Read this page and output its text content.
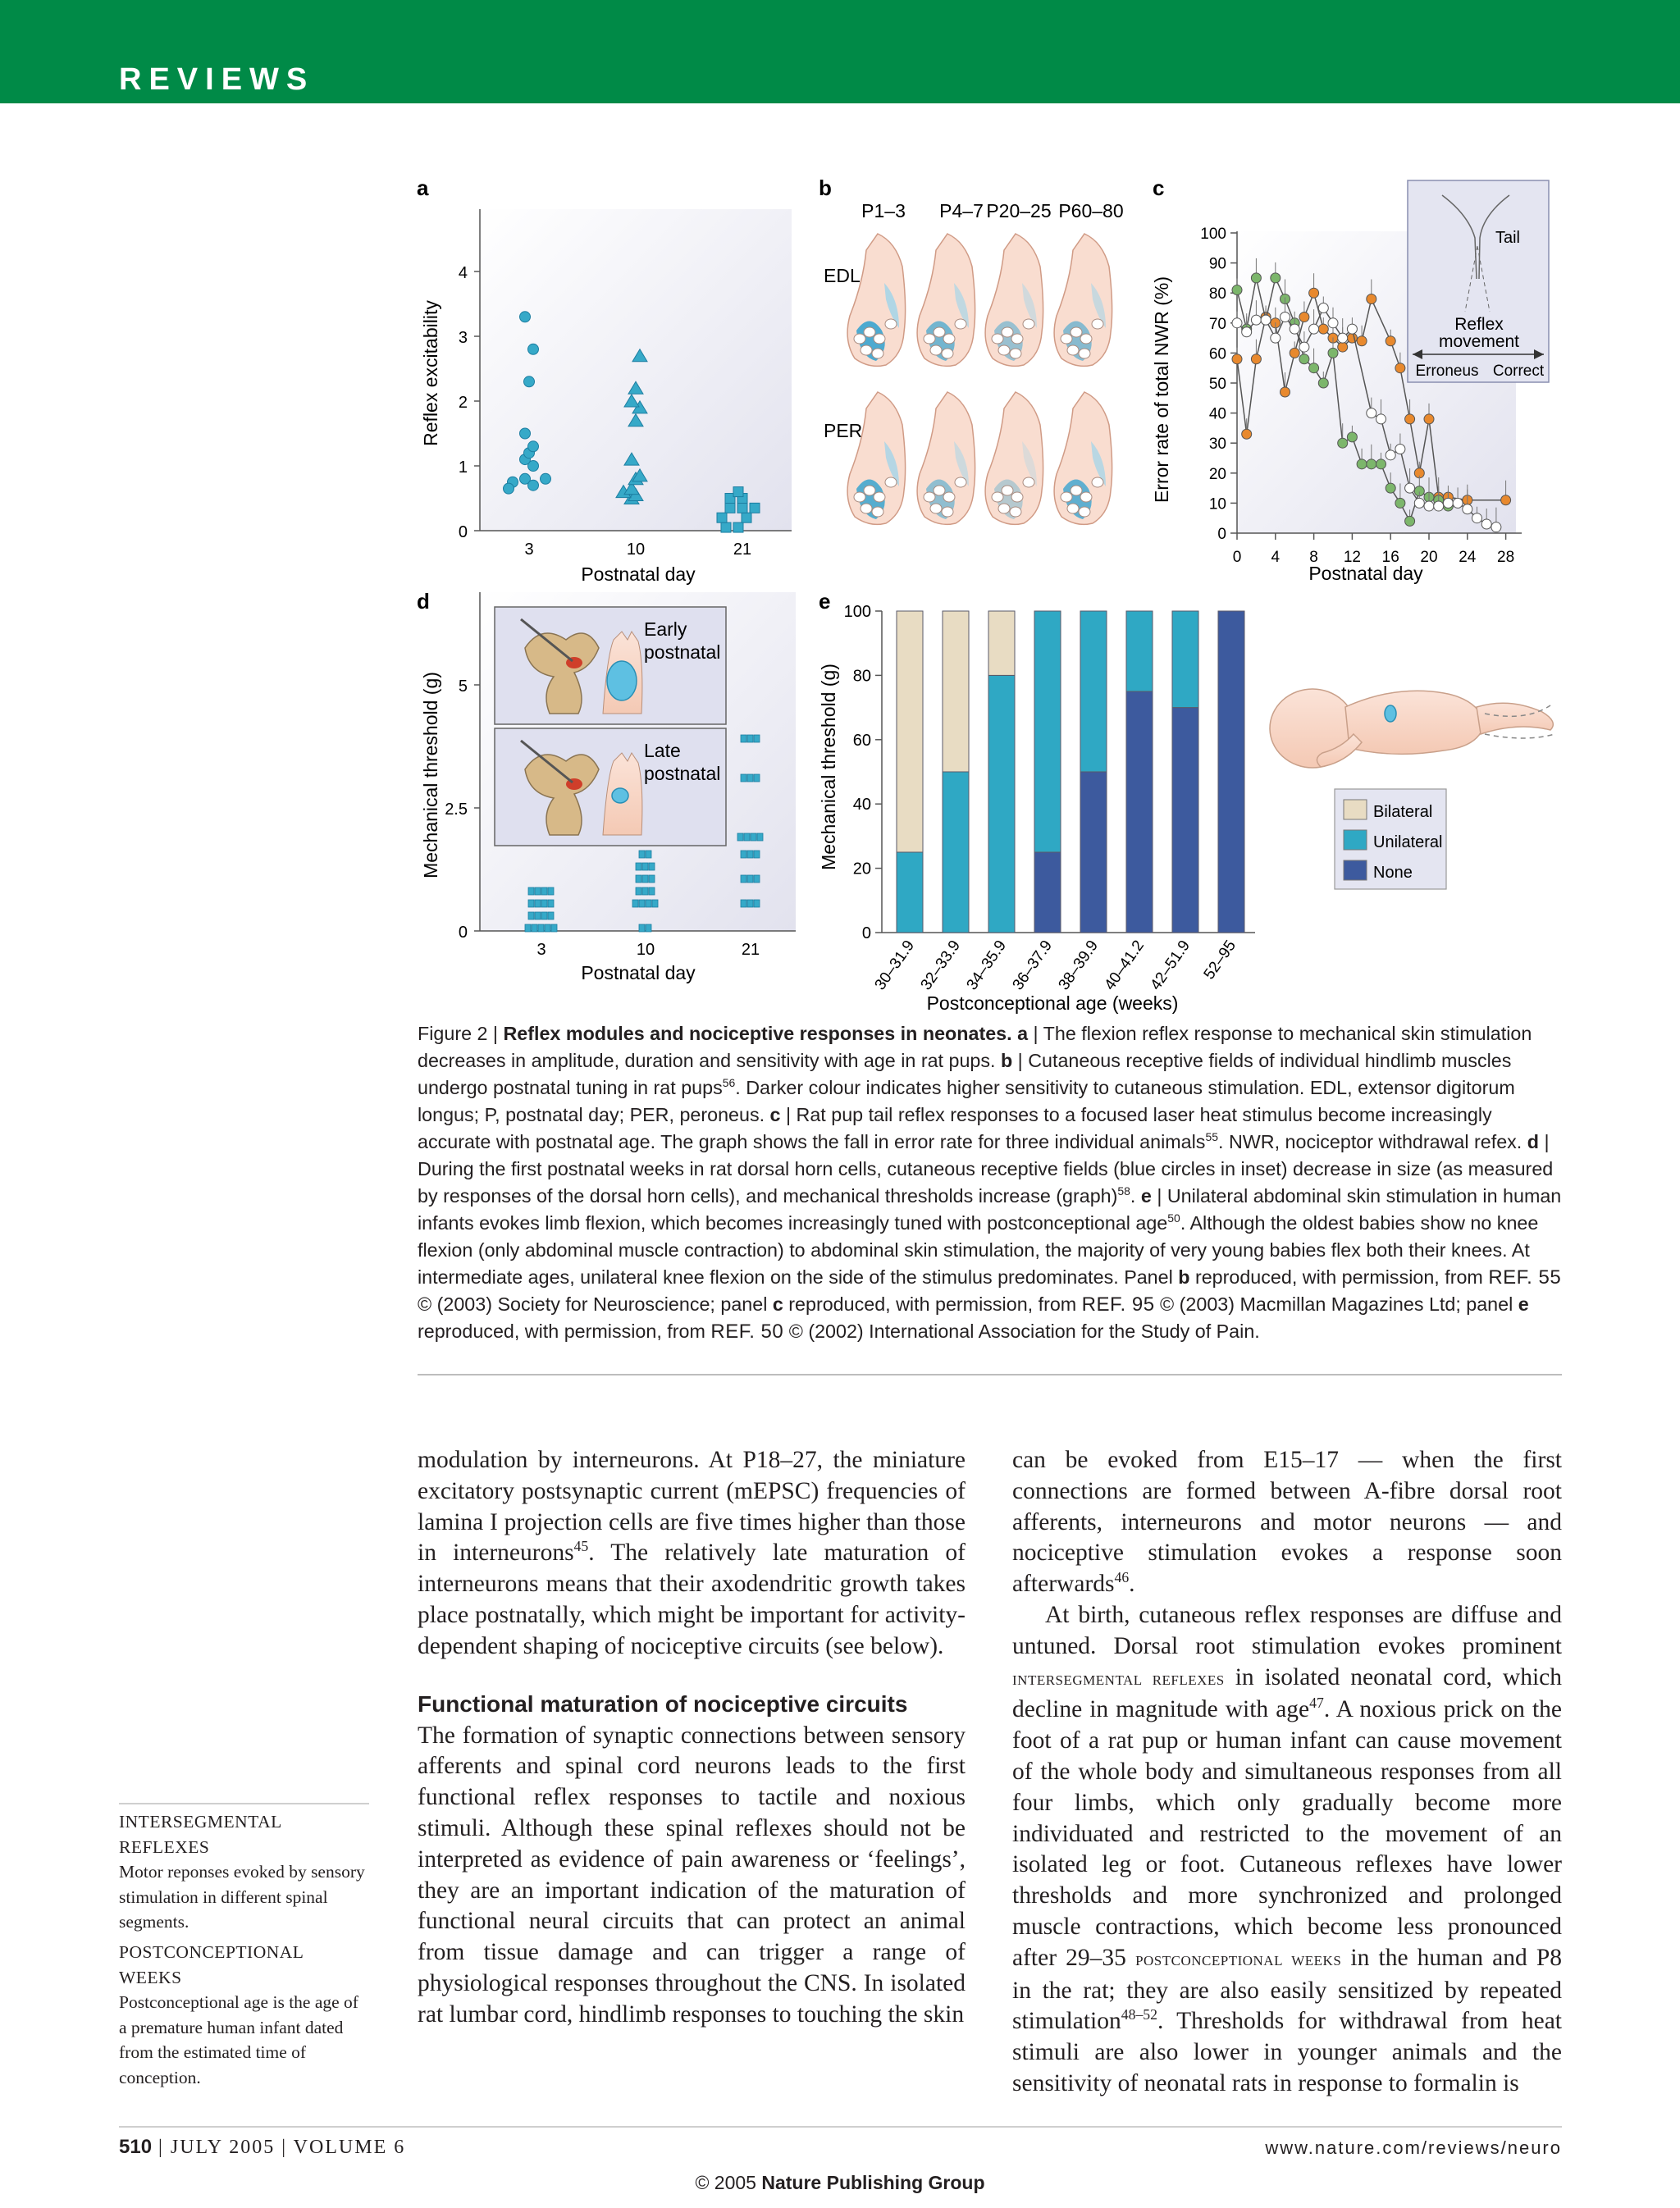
REVIEWS
a
0
1
2
3
4
3	10	21
Postnatal day
Reflex excitability
b
P1–3 P4–7 P20–25 P60–80
EDL
PER
c
0
10
20
30
40
50
60
70
80
90
100
0 4 8 12 16 20 24 28
Postnatal day
Error rate of total NWR (%)
Tail
Reflex
movement
Erroneus Correct
d
0
2.5
5
3	10	21
Postnatal day
Mechanical threshold (g)
Early
postnatal
Late
postnatal
e
0
20
40
60
80
100
30–31.9 32–33.9 34–35.9 36–37.9 38–39.9 40–41.2 42–51.9 52–95
Postconceptional age (weeks)
Mechanical threshold (g)	Bilateral
Unilateral
None
Figure 2 | Reflex modules and nociceptive responses in neonates. a | The flexion reflex response to mechanical skin stimulation decreases in amplitude, duration and sensitivity with age in rat pups. b | Cutaneous receptive fields of individual hindlimb muscles undergo postnatal tuning in rat pups$^{56}$. Darker colour indicates higher sensitivity to cutaneous stimulation. EDL, extensor digitorum longus; P, postnatal day; PER, peroneus. c | Rat pup tail reflex responses to a focused laser heat stimulus become increasingly accurate with postnatal age. The graph shows the fall in error rate for three individual animals$^{55}$. NWR, nociceptor withdrawal refex. d | During the first postnatal weeks in rat dorsal horn cells, cutaneous receptive fields (blue circles in inset) decrease in size (as measured by responses of the dorsal horn cells), and mechanical thresholds increase (graph)$^{58}$. e | Unilateral abdominal skin stimulation in human infants evokes limb flexion, which becomes increasingly tuned with postconceptional age$^{50}$. Although the oldest babies show no knee flexion (only abdominal muscle contraction) to abdominal skin stimulation, the majority of very young babies flex both their knees. At intermediate ages, unilateral knee flexion on the side of the stimulus predominates. Panel b reproduced, with permission, from REF. 55 © (2003) Society for Neuroscience; panel c reproduced, with permission, from REF. 95 © (2003) Macmillan Magazines Ltd; panel e reproduced, with permission, from REF. 50 © (2002) International Association for the Study of Pain.

modulation by interneurons. At P18–27, the miniature excitatory postsynaptic current (mEPSC) frequencies of lamina I projection cells are five times higher than those in interneurons$^{45}$. The relatively late maturation of interneurons means that their axodendritic growth takes place postnatally, which might be important for activity-dependent shaping of nociceptive circuits (see below).

Functional maturation of nociceptive circuits

The formation of synaptic connections between sensory afferents and spinal cord neurons leads to the first functional reflex responses to tactile and noxious stimuli. Although these spinal reflexes should not be interpreted as evidence of pain awareness or ‘feelings’, they are an important indication of the maturation of functional neural circuits that can protect an animal from tissue damage and can trigger a range of physiological responses throughout the CNS. In isolated rat lumbar cord, hindlimb responses to touching the skin

can be evoked from E15–17 — when the first connections are formed between A-fibre dorsal root afferents, interneurons and motor neurons — and nociceptive stimulation evokes a response soon afterwards$^{46}$.

At birth, cutaneous reflex responses are diffuse and untuned. Dorsal root stimulation evokes prominent intersegmental reflexes in isolated neonatal cord, which decline in magnitude with age$^{47}$. A noxious prick on the foot of a rat pup or human infant can cause movement of the whole body and simultaneous responses from all four limbs, which only gradually become more individuated and restricted to the movement of an isolated leg or foot. Cutaneous reflexes have lower thresholds and more synchronized and prolonged muscle contractions, which become less pronounced after 29–35 postconceptional weeks in the human and P8 in the rat; they are also easily sensitized by repeated stimulation$^{48-52}$. Thresholds for withdrawal from heat stimuli are also lower in younger animals and the sensitivity of neonatal rats in response to formalin is

INTERSEGMENTAL REFLEXES
Motor reponses evoked by sensory stimulation in different spinal segments.
POSTCONCEPTIONAL WEEKS
Postconceptional age is the age of a premature human infant dated from the estimated time of conception.
510 | JULY 2005 | VOLUME 6	www.nature.com/reviews/neuro
© 2005 Nature Publishing Group
